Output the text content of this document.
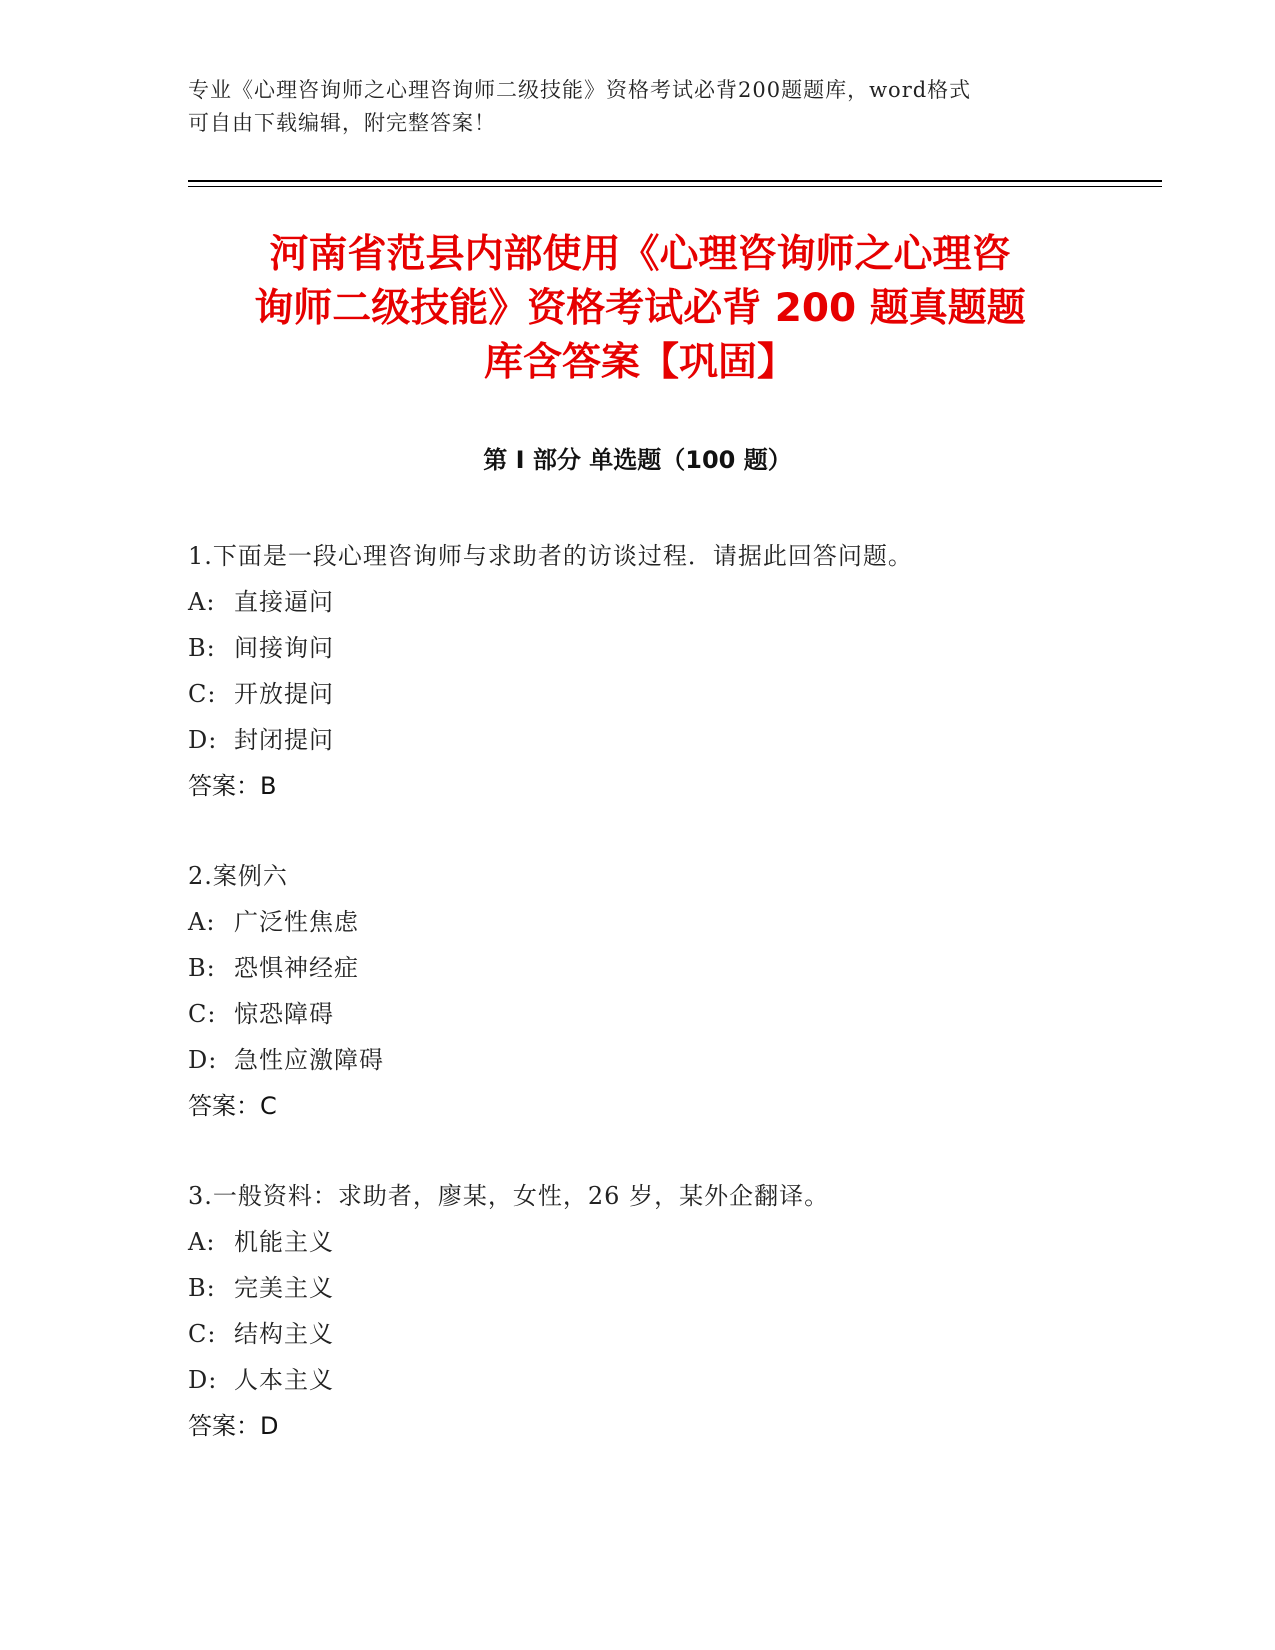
专业《心理咨询师之心理咨询师二级技能》资格考试必背200题题库，word格式
可自由下载编辑，附完整答案！
河南省范县内部使用《心理咨询师之心理咨
询师二级技能》资格考试必背 200 题真题题
库含答案【巩固】
第 I 部分 单选题（100 题）
1.下面是一段心理咨询师与求助者的访谈过程．请据此回答问题。
A: 直接逼问
B: 间接询问
C: 开放提问
D: 封闭提问
答案：B
2.案例六
A: 广泛性焦虑
B: 恐惧神经症
C: 惊恐障碍
D: 急性应激障碍
答案：C
3.一般资料：求助者，廖某，女性，26 岁，某外企翻译。
A: 机能主义
B: 完美主义
C: 结构主义
D: 人本主义
答案：D
